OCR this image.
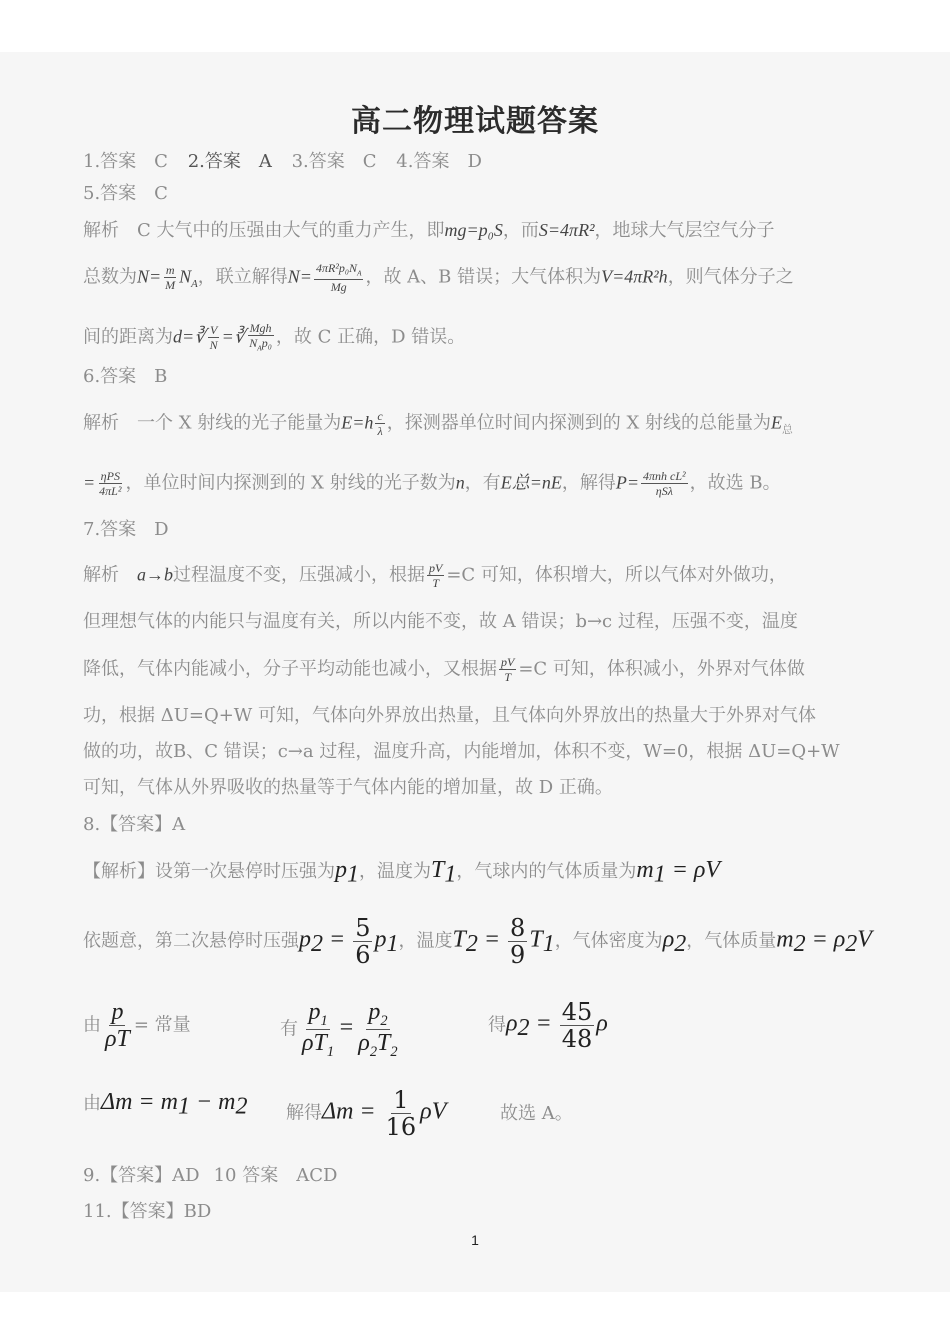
高二物理试题答案
1.答案　C 2.答案　A 3.答案　C 4.答案　D
5.答案　C
解析　C 大气中的压强由大气的重力产生，即mg=p₀S，而S=4πR²，地球大气层空气分子
总数为$N= \frac{m}{M} N_A$，联立解得$N= \frac{4\pi R^2p_0N_A}{Mg}$ ，故 A、B 错误；大气体积为V=4πR²h，则气体分子之
间的距离为d=∛ $\frac{V}{N}$ =∛ $\frac{\text{Mgh}}{N_Ap_0}$ ，故 C 正确，D 错误。
6.答案　B
解析　一个 X 射线的光子能量为$E=h \frac{c}{\lambda}$ ，探测器单位时间内探测到的 X 射线的总能量为$E_总$
= $\frac{\text{ηPS}}{\text{4πL²}}$ ，单位时间内探测到的 X 射线的光子数为n，有E总=nE，解得$P= \frac{\text{4πnh cL²}}{\text{ηSλ}}$ ，故选 B。
7.答案　D
解析　a→b过程温度不变，压强减小，根据 $\frac{pV}{T} =C$ 可知，体积增大，所以气体对外做功，
但理想气体的内能只与温度有关，所以内能不变，故 A 错误；b→c 过程，压强不变，温度
降低，气体内能减小，分子平均动能也减小，又根据 $\frac{pV}{T} =C$ 可知，体积减小，外界对气体做
功，根据 ΔU=Q+W 可知，气体向外界放出热量，且气体向外界放出的热量大于外界对气体
做的功，故B、C 错误；c→a 过程，温度升高，内能增加，体积不变，W=0，根据 ΔU=Q+W
可知，气体从外界吸收的热量等于气体内能的增加量，故 D 正确。
8.【答案】A
【解析】设第一次悬停时压强为$p_1$，温度为$T_1$，气球内的气体质量为$m_1 = \rho V$
依题意，第二次悬停时压强$p_2 = \frac{5}{6} p_1$，温度$T_2 = \frac{8}{9} T_1$，气体密度为$\rho_2$，气体质量$m_2 = \rho_2V$
由 $\frac{p}{\rho T}$ = 常量	有 $\frac{p_1}{\rho T_1} = \frac{p_2}{\rho_2T_2}$	得$\rho_2 = \frac{45}{48}$ ρ
由$\Delta m = m_1 - m_2$ 解得$\Delta m = \frac{1}{16}$ ρV	故选 A。
9.【答案】AD 10 答案　ACD
11.【答案】BD
1
